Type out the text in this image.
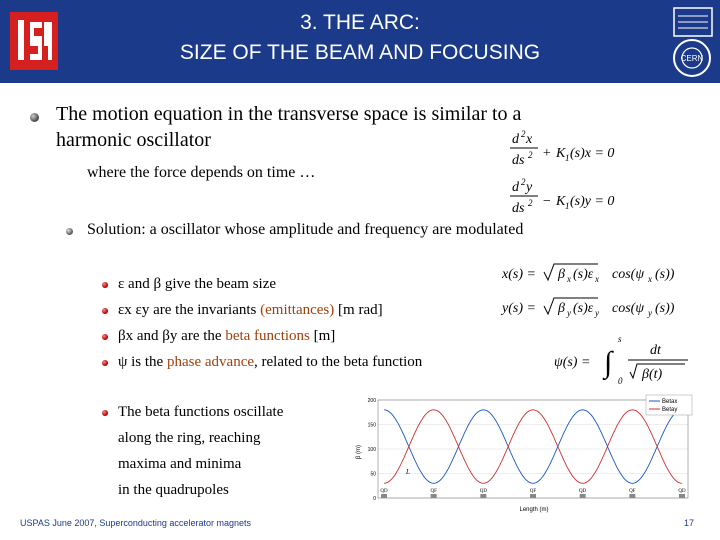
3. THE ARC:
SIZE OF THE BEAM AND FOCUSING	CERN
The motion equation in the transverse space is similar to a
harmonic oscillator
where the force depends on time …
d 2 x
ds 2 + K 1 (s)x = 0
d 2 y
ds 2 − K 1 (s)y = 0
Solution: a oscillator whose amplitude and frequency are modulated
ε and β give the beam size
εx εy are the invariants (emittances) [m rad]
βx and βy are the beta functions [m]
ψ is the phase advance, related to the beta function
x(s) = β x (s)ε x cos(ψ x (s))
y(s) = β y (s)ε y cos(ψ y (s))
ψ(s) = ∫
s
0
dt
β(t)
The beta functions oscillate
along the ring, reaching
maxima and minima
in the quadrupoles
200
150
100
50
0
QD	QF	QD	QF	QD	QF	QD
β (m)
Length (m)
L
Betax
Betay
USPAS June 2007, Superconducting accelerator magnets	17
